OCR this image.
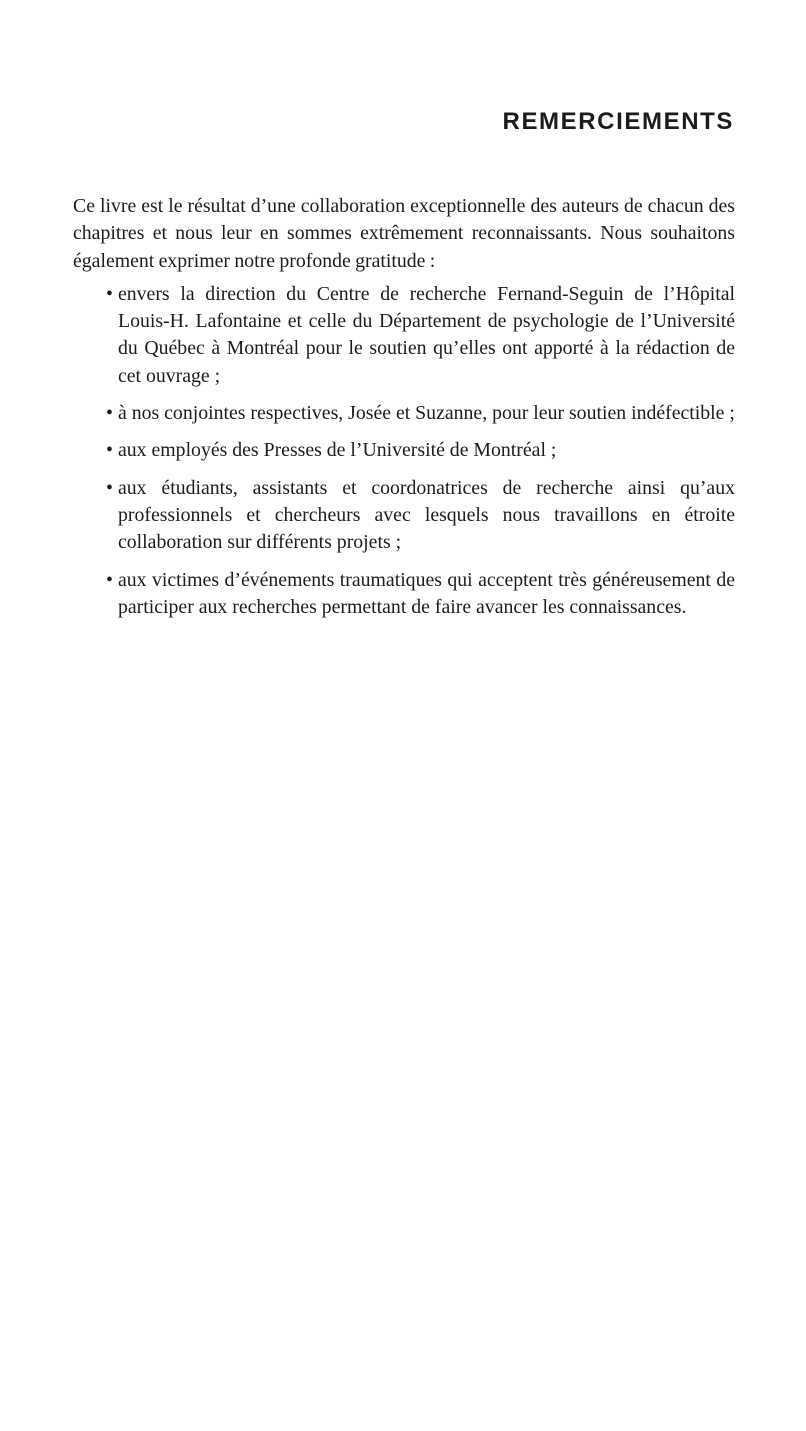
REMERCIEMENTS

Ce livre est le résultat d’une collaboration exceptionnelle des auteurs de chacun des chapitres et nous leur en sommes extrêmement reconnaissants. Nous souhaitons également exprimer notre profonde gratitude :

• envers la direction du Centre de recherche Fernand-Seguin de l’Hôpital Louis-H. Lafontaine et celle du Département de psychologie de l’Université du Québec à Montréal pour le soutien qu’elles ont apporté à la rédaction de cet ouvrage ;
• à nos conjointes respectives, Josée et Suzanne, pour leur soutien indéfectible ;
• aux employés des Presses de l’Université de Montréal ;
• aux étudiants, assistants et coordonatrices de recherche ainsi qu’aux professionnels et chercheurs avec lesquels nous travaillons en étroite collaboration sur différents projets ;
• aux victimes d’événements traumatiques qui acceptent très généreusement de participer aux recherches permettant de faire avancer les connaissances.
